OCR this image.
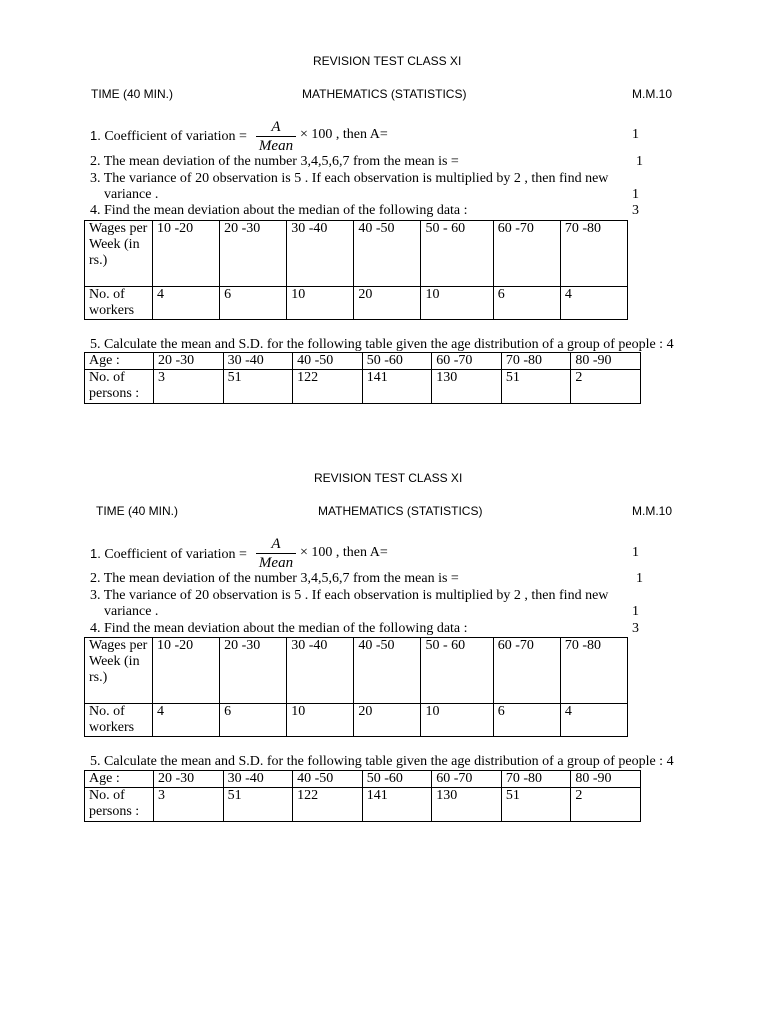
REVISION TEST CLASS XI
TIME (40 MIN.)	MATHEMATICS (STATISTICS)	M.M.10
1. Coefficient of variation =
A
Mean
× 100 , then A=	1
2. The mean deviation of the number 3,4,5,6,7 from the mean is =	1
3. The variance of 20 observation is 5 . If each observation is multiplied by 2 , then find new
variance .	1
4. Find the mean deviation about the median of the following data :	3
Wages per Week (in rs.)	10 -20	20 -30	30 -40	40 -50	50 - 60	60 -70	70 -80
No. of workers	4	6	10	20	10	6	4
5. Calculate the mean and S.D. for the following table given the age distribution of a group of people : 4
Age :	20 -30	30 -40	40 -50	50 -60	60 -70	70 -80	80 -90
No. of persons :	3	51	122	141	130	51	2
REVISION TEST CLASS XI
TIME (40 MIN.)	MATHEMATICS (STATISTICS)	M.M.10
1. Coefficient of variation =
A
Mean
× 100 , then A=	1
2. The mean deviation of the number 3,4,5,6,7 from the mean is =	1
3. The variance of 20 observation is 5 . If each observation is multiplied by 2 , then find new
variance .	1
4. Find the mean deviation about the median of the following data :	3
Wages per Week (in rs.)	10 -20	20 -30	30 -40	40 -50	50 - 60	60 -70	70 -80
No. of workers	4	6	10	20	10	6	4
5. Calculate the mean and S.D. for the following table given the age distribution of a group of people : 4
Age :	20 -30	30 -40	40 -50	50 -60	60 -70	70 -80	80 -90
No. of persons :	3	51	122	141	130	51	2
